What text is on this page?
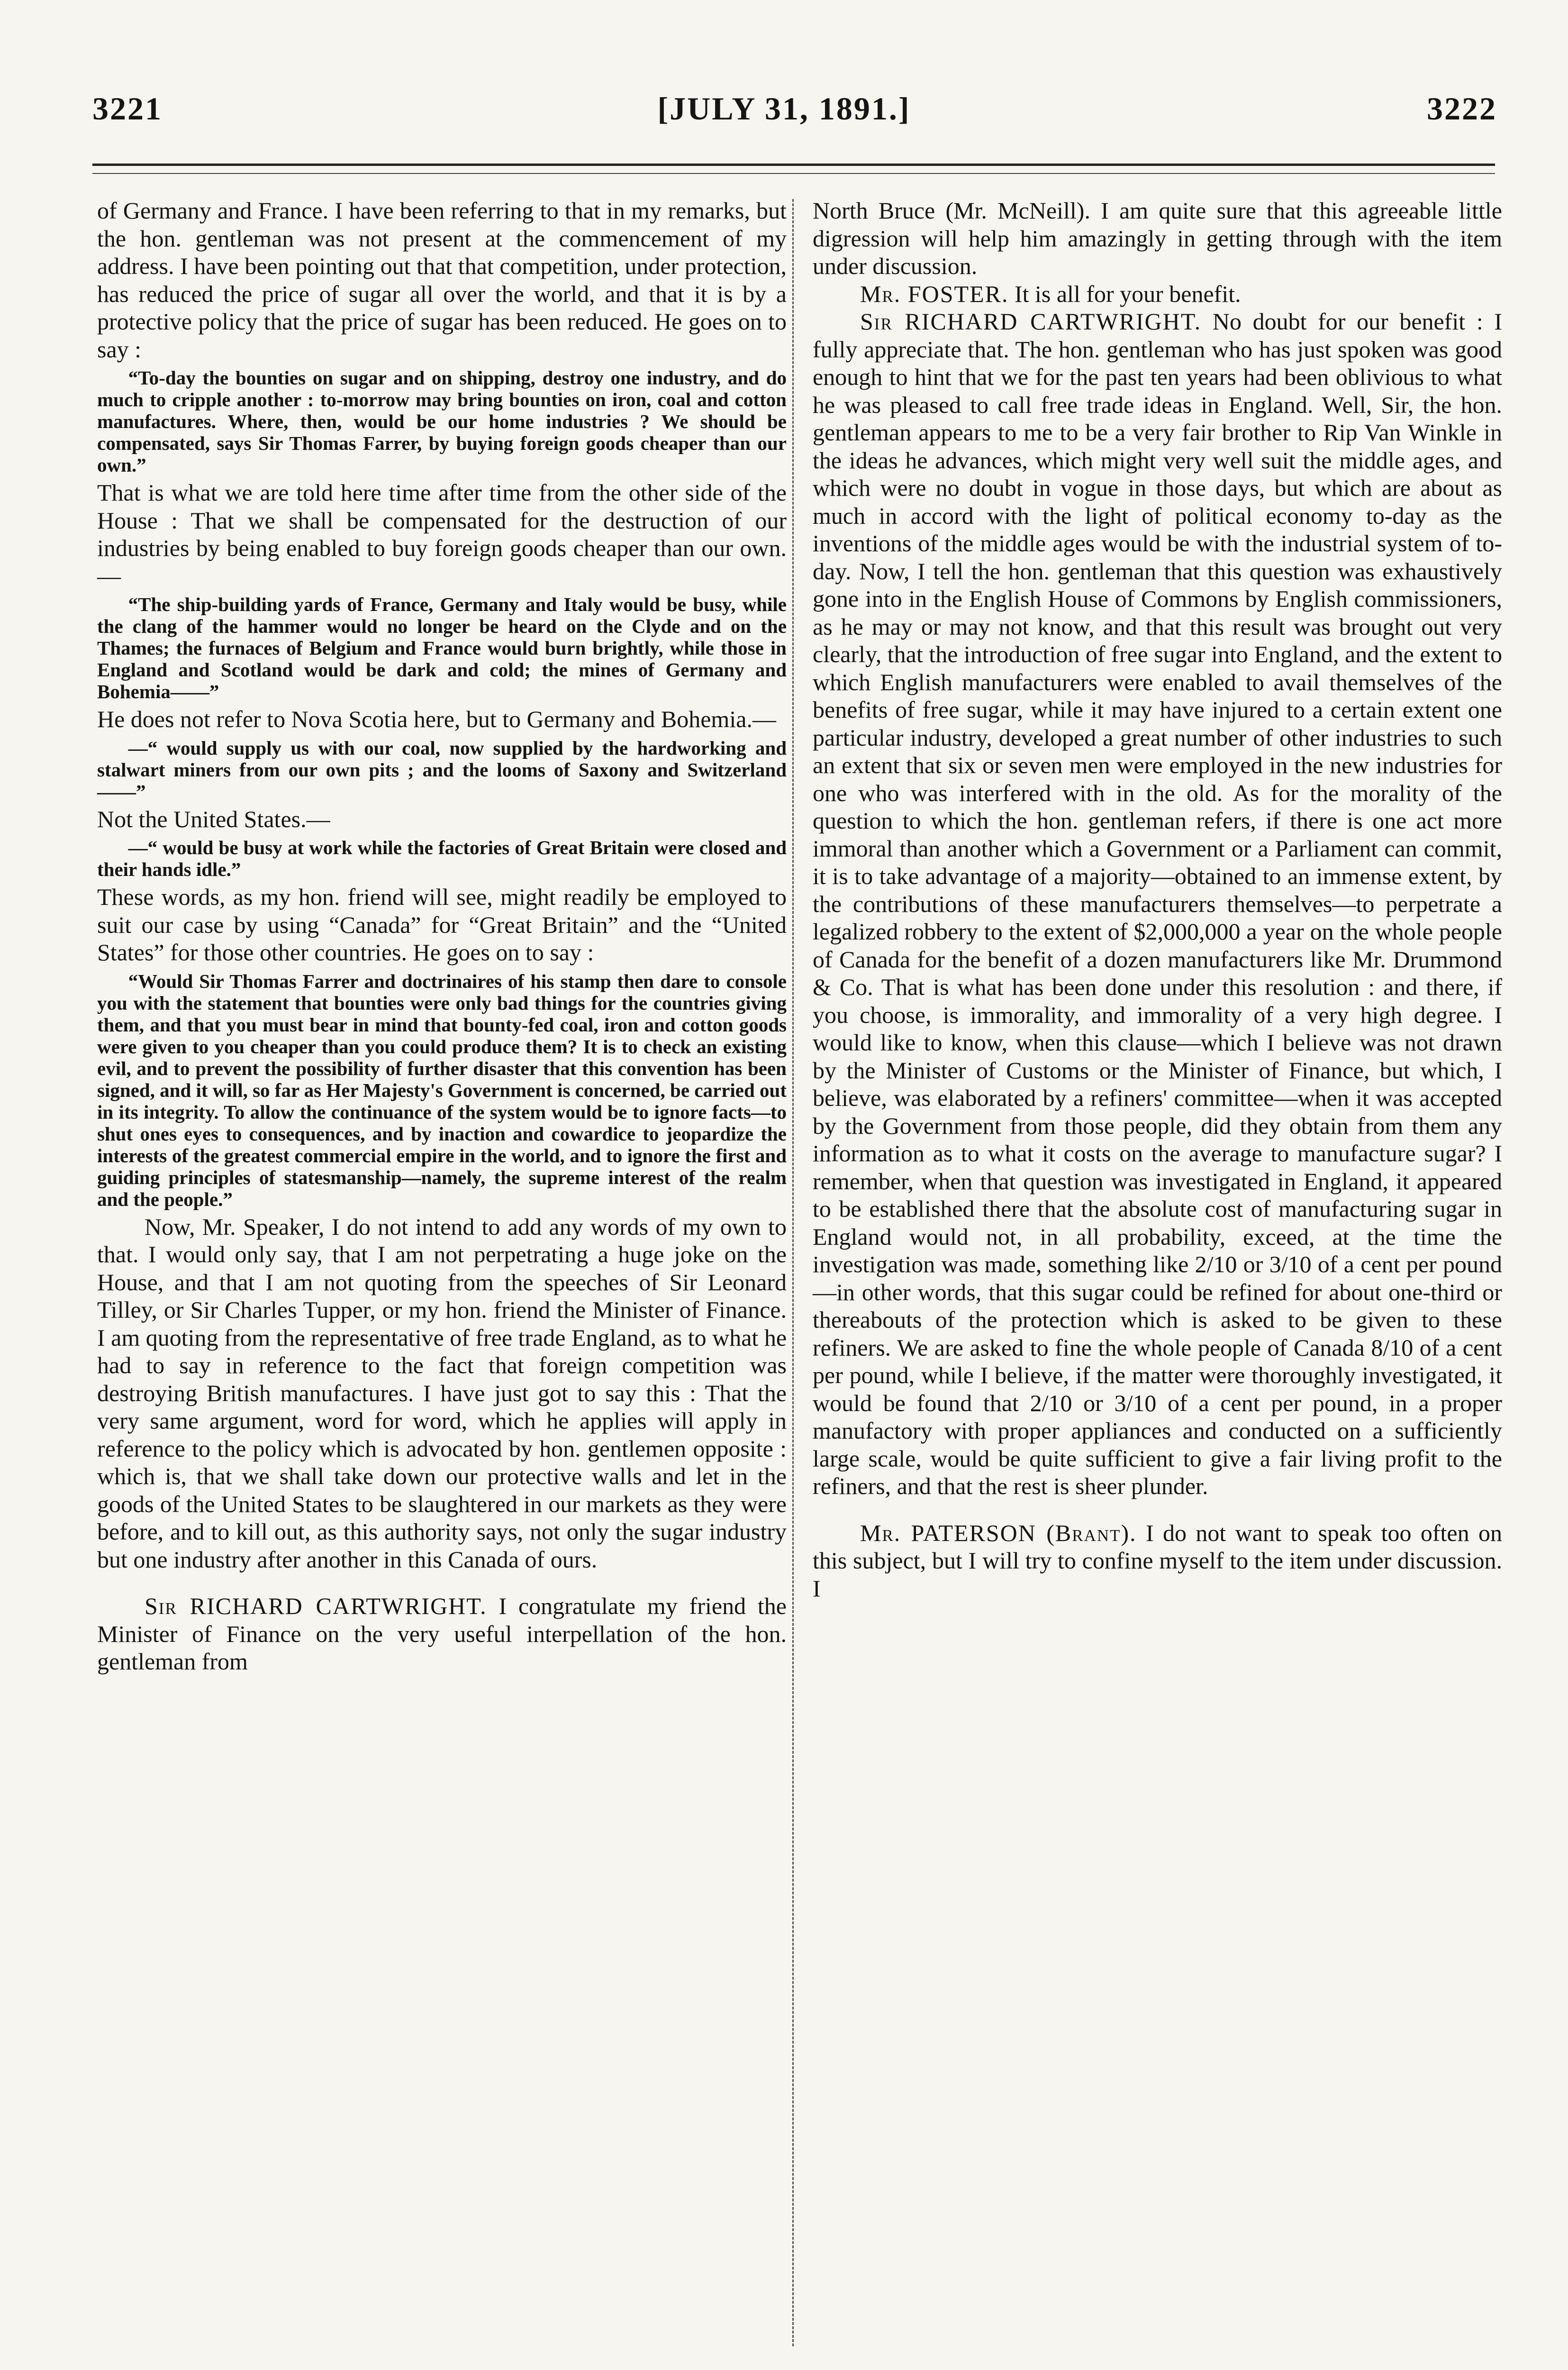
[JULY 31, 1891.]
3221	3222

of Germany and France. I have been referring to that in my remarks, but the hon. gentleman was not present at the commencement of my address. I have been pointing out that that competition, under protection, has reduced the price of sugar all over the world, and that it is by a protective policy that the price of sugar has been reduced. He goes on to say :

“To-day the bounties on sugar and on shipping, destroy one industry, and do much to cripple another : to-morrow may bring bounties on iron, coal and cotton manufactures. Where, then, would be our home industries ? We should be compensated, says Sir Thomas Farrer, by buying foreign goods cheaper than our own.”

That is what we are told here time after time from the other side of the House : That we shall be compensated for the destruction of our industries by being enabled to buy foreign goods cheaper than our own.—

“The ship-building yards of France, Germany and Italy would be busy, while the clang of the hammer would no longer be heard on the Clyde and on the Thames; the furnaces of Belgium and France would burn brightly, while those in England and Scotland would be dark and cold; the mines of Germany and Bohemia——”

He does not refer to Nova Scotia here, but to Germany and Bohemia.—

—“ would supply us with our coal, now supplied by the hardworking and stalwart miners from our own pits ; and the looms of Saxony and Switzerland——”

Not the United States.—

—“ would be busy at work while the factories of Great Britain were closed and their hands idle.”

These words, as my hon. friend will see, might readily be employed to suit our case by using “Canada” for “Great Britain” and the “United States” for those other countries. He goes on to say :

“Would Sir Thomas Farrer and doctrinaires of his stamp then dare to console you with the statement that bounties were only bad things for the countries giving them, and that you must bear in mind that bounty-fed coal, iron and cotton goods were given to you cheaper than you could produce them? It is to check an existing evil, and to prevent the possibility of further disaster that this convention has been signed, and it will, so far as Her Majesty's Government is concerned, be carried out in its integrity. To allow the continuance of the system would be to ignore facts—to shut ones eyes to consequences, and by inaction and cowardice to jeopardize the interests of the greatest commercial empire in the world, and to ignore the first and guiding principles of statesmanship—namely, the supreme interest of the realm and the people.”

Now, Mr. Speaker, I do not intend to add any words of my own to that. I would only say, that I am not perpetrating a huge joke on the House, and that I am not quoting from the speeches of Sir Leonard Tilley, or Sir Charles Tupper, or my hon. friend the Minister of Finance. I am quoting from the representative of free trade England, as to what he had to say in reference to the fact that foreign competition was destroying British manufactures. I have just got to say this : That the very same argument, word for word, which he applies will apply in reference to the policy which is advocated by hon. gentlemen opposite : which is, that we shall take down our protective walls and let in the goods of the United States to be slaughtered in our markets as they were before, and to kill out, as this authority says, not only the sugar industry but one industry after another in this Canada of ours.

Sir RICHARD CARTWRIGHT. I congratulate my friend the Minister of Finance on the very useful interpellation of the hon. gentleman from

North Bruce (Mr. McNeill). I am quite sure that this agreeable little digression will help him amazingly in getting through with the item under discussion.

Mr. FOSTER. It is all for your benefit.

Sir RICHARD CARTWRIGHT. No doubt for our benefit : I fully appreciate that. The hon. gentleman who has just spoken was good enough to hint that we for the past ten years had been oblivious to what he was pleased to call free trade ideas in England. Well, Sir, the hon. gentleman appears to me to be a very fair brother to Rip Van Winkle in the ideas he advances, which might very well suit the middle ages, and which were no doubt in vogue in those days, but which are about as much in accord with the light of political economy to-day as the inventions of the middle ages would be with the industrial system of to-day. Now, I tell the hon. gentleman that this question was exhaustively gone into in the English House of Commons by English commissioners, as he may or may not know, and that this result was brought out very clearly, that the introduction of free sugar into England, and the extent to which English manufacturers were enabled to avail themselves of the benefits of free sugar, while it may have injured to a certain extent one particular industry, developed a great number of other industries to such an extent that six or seven men were employed in the new industries for one who was interfered with in the old. As for the morality of the question to which the hon. gentleman refers, if there is one act more immoral than another which a Government or a Parliament can commit, it is to take advantage of a majority—obtained to an immense extent, by the contributions of these manufacturers themselves—to perpetrate a legalized robbery to the extent of $2,000,000 a year on the whole people of Canada for the benefit of a dozen manufacturers like Mr. Drummond & Co. That is what has been done under this resolution : and there, if you choose, is immorality, and immorality of a very high degree. I would like to know, when this clause—which I believe was not drawn by the Minister of Customs or the Minister of Finance, but which, I believe, was elaborated by a refiners' committee—when it was accepted by the Government from those people, did they obtain from them any information as to what it costs on the average to manufacture sugar? I remember, when that question was investigated in England, it appeared to be established there that the absolute cost of manufacturing sugar in England would not, in all probability, exceed, at the time the investigation was made, something like 2/10 or 3/10 of a cent per pound—in other words, that this sugar could be refined for about one-third or thereabouts of the protection which is asked to be given to these refiners. We are asked to fine the whole people of Canada 8/10 of a cent per pound, while I believe, if the matter were thoroughly investigated, it would be found that 2/10 or 3/10 of a cent per pound, in a proper manufactory with proper appliances and conducted on a sufficiently large scale, would be quite sufficient to give a fair living profit to the refiners, and that the rest is sheer plunder.

Mr. PATERSON (Brant). I do not want to speak too often on this subject, but I will try to confine myself to the item under discussion. I
